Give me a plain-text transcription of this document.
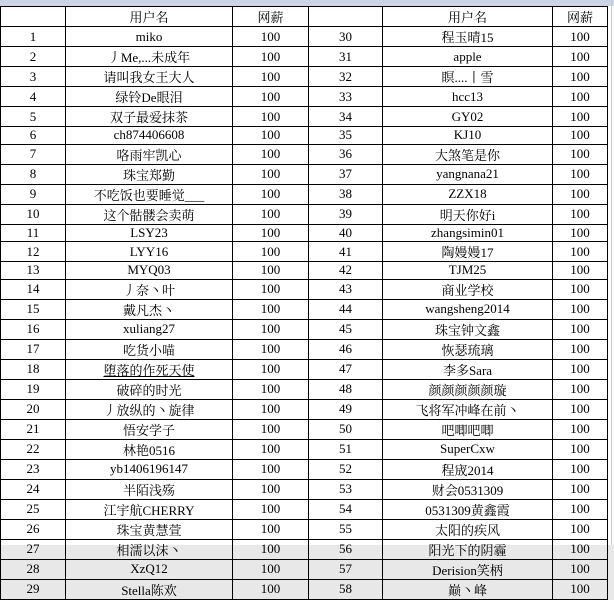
	用户名	网薪		用户名	网薪
1	miko	100	30	程玉晴15	100
2	丿Me,...未成年	100	31	apple	100
3	请叫我女王大人	100	32	瞑....丨雪	100
4	绿铃De眼泪	100	33	hcc13	100
5	双子最爱抹茶	100	34	GY02	100
6	ch874406608	100	35	KJ10	100
7	咯雨牢凯心	100	36	大煞笔是你	100
8	珠宝郑勤	100	37	yangnana21	100
9	不吃饭也要睡觉___	100	38	ZZX18	100
10	这个骷髅会卖萌	100	39	明天你好i	100
11	LSY23	100	40	zhangsimin01	100
12	LYY16	100	41	陶嫚嫚17	100
13	MYQ03	100	42	TJM25	100
14	丿奈丶叶	100	43	商业学校	100
15	戴凡杰丶	100	44	wangsheng2014	100
16	xuliang27	100	45	珠宝钟文鑫	100
17	吃货小喵	100	46	恢瑟琉璃	100
18	堕落的作死天使	100	47	李多Sara	100
19	破碎的时光	100	48	颜颜颜颜颜璇	100
20	丿放纵的丶旋律	100	49	飞将军冲峰在前丶	100
21	悟安学子	100	50	吧唧吧唧	100
22	林艳0516	100	51	SuperCxw	100
23	yb1406196147	100	52	程宬2014	100
24	半陌浅殇	100	53	财会0531309	100
25	江宇航CHERRY	100	54	0531309黄鑫霞	100
26	珠宝黄慧萱	100	55	太阳的疾风	100
27	相濡以沫丶	100	56	阳光下的阴霾	100
28	XzQ12	100	57	Derision笑柄	100
29	Stella陈欢	100	58	巅丶峰	100
